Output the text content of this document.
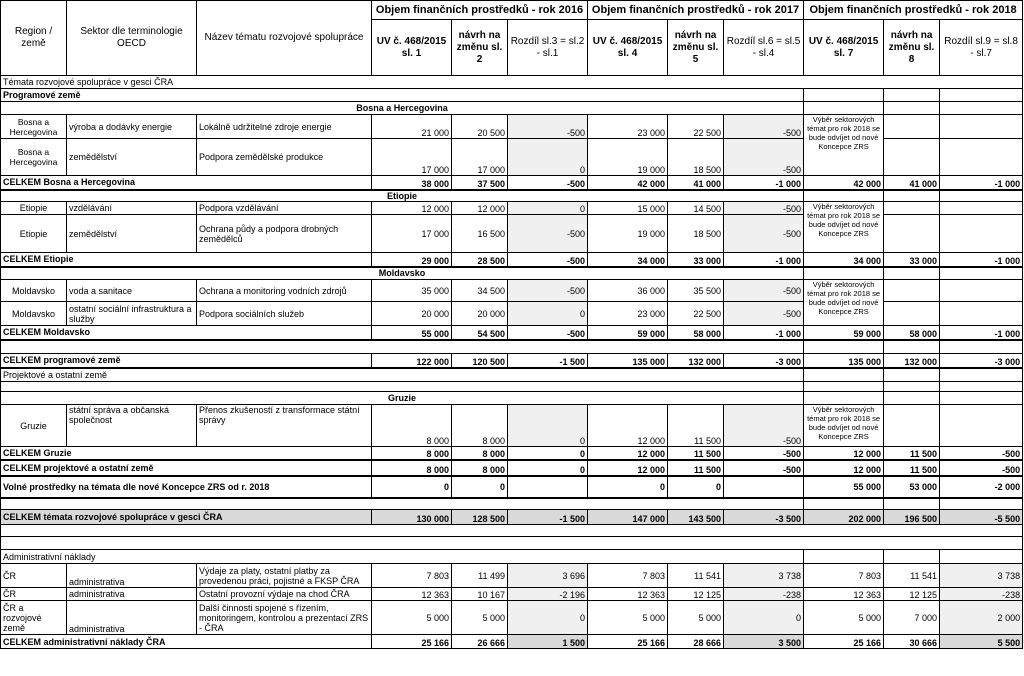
Region / země	Sektor dle terminologie OECD	Název tématu rozvojové spolupráce	Objem finančních prostředků - rok 2016			Objem finančních prostředků - rok 2017			Objem finančních prostředků - rok 2018		
			UV č. 468/2015 sl. 1	návrh na změnu sl. 2	Rozdíl sl.3 = sl.2 - sl.1	UV č. 468/2015 sl. 4	návrh na změnu sl. 5	Rozdíl sl.6 = sl.5 - sl.4	UV č. 468/2015 sl. 7	návrh na změnu sl. 8	Rozdíl sl.9 = sl.8 - sl.7
Témata rozvojové spolupráce v gesci ČRA											
Programové země											
Bosna a Hercegovina											
Bosna a Hercegovina	výroba a dodávky energie	Lokálně udržitelné zdroje energie	21 000	20 500	-500	23 000	22 500	-500	Výběr sektorových témat pro rok 2018 se bude odvíjet od nové Koncepce ZRS		
Bosna a Hercegovina	zemědělství	Podpora zemědělské produkce	17 000	17 000	0	19 000	18 500	-500			
CELKEM Bosna a Hercegovina			38 000	37 500	-500	42 000	41 000	-1 000	42 000	41 000	-1 000
Etiopie											
Etiopie	vzdělávání	Podpora vzdělávání	12 000	12 000	0	15 000	14 500	-500	Výběr sektorových témat pro rok 2018 se bude odvíjet od nové Koncepce ZRS		
Etiopie	zemědělství	Ochrana půdy a podpora drobných zemědělců	17 000	16 500	-500	19 000	18 500	-500			
CELKEM Etiopie			29 000	28 500	-500	34 000	33 000	-1 000	34 000	33 000	-1 000
Moldavsko											
Moldavsko	voda a sanitace	Ochrana a monitoring vodních zdrojů	35 000	34 500	-500	36 000	35 500	-500	Výběr sektorových témat pro rok 2018 se bude odvíjet od nové Koncepce ZRS		
Moldavsko	ostatní sociální infrastruktura a služby	Podpora sociálních služeb	20 000	20 000	0	23 000	22 500	-500			
CELKEM Moldavsko			55 000	54 500	-500	59 000	58 000	-1 000	59 000	58 000	-1 000

CELKEM programové země			122 000	120 500	-1 500	135 000	132 000	-3 000	135 000	132 000	-3 000
Projektové a ostatní země											

Gruzie											
Gruzie	státní správa a občanská společnost	Přenos zkušeností z transformace státní správy	8 000	8 000	0	12 000	11 500	-500	Výběr sektorových témat pro rok 2018 se bude odvíjet od nové Koncepce ZRS		
CELKEM Gruzie			8 000	8 000	0	12 000	11 500	-500	12 000	11 500	-500
CELKEM projektové a ostatní země			8 000	8 000	0	12 000	11 500	-500	12 000	11 500	-500
Volné prostředky na témata dle nové Koncepce ZRS od r. 2018			0	0		0	0		55 000	53 000	-2 000

CELKEM témata rozvojové spolupráce v gesci ČRA			130 000	128 500	-1 500	147 000	143 500	-3 500	202 000	196 500	-5 500

Administrativní náklady											
ČR	administrativa	Výdaje za platy, ostatní platby za provedenou práci, pojistné a FKSP ČRA	7 803	11 499	3 696	7 803	11 541	3 738	7 803	11 541	3 738
ČR	administrativa	Ostatní provozní výdaje na chod ČRA	12 363	10 167	-2 196	12 363	12 125	-238	12 363	12 125	-238
ČR a rozvojové země	administrativa	Další činnosti spojené s řízením, monitoringem, kontrolou a prezentací ZRS - ČRA	5 000	5 000	0	5 000	5 000	0	5 000	7 000	2 000
CELKEM administrativní náklady ČRA			25 166	26 666	1 500	25 166	28 666	3 500	25 166	30 666	5 500
